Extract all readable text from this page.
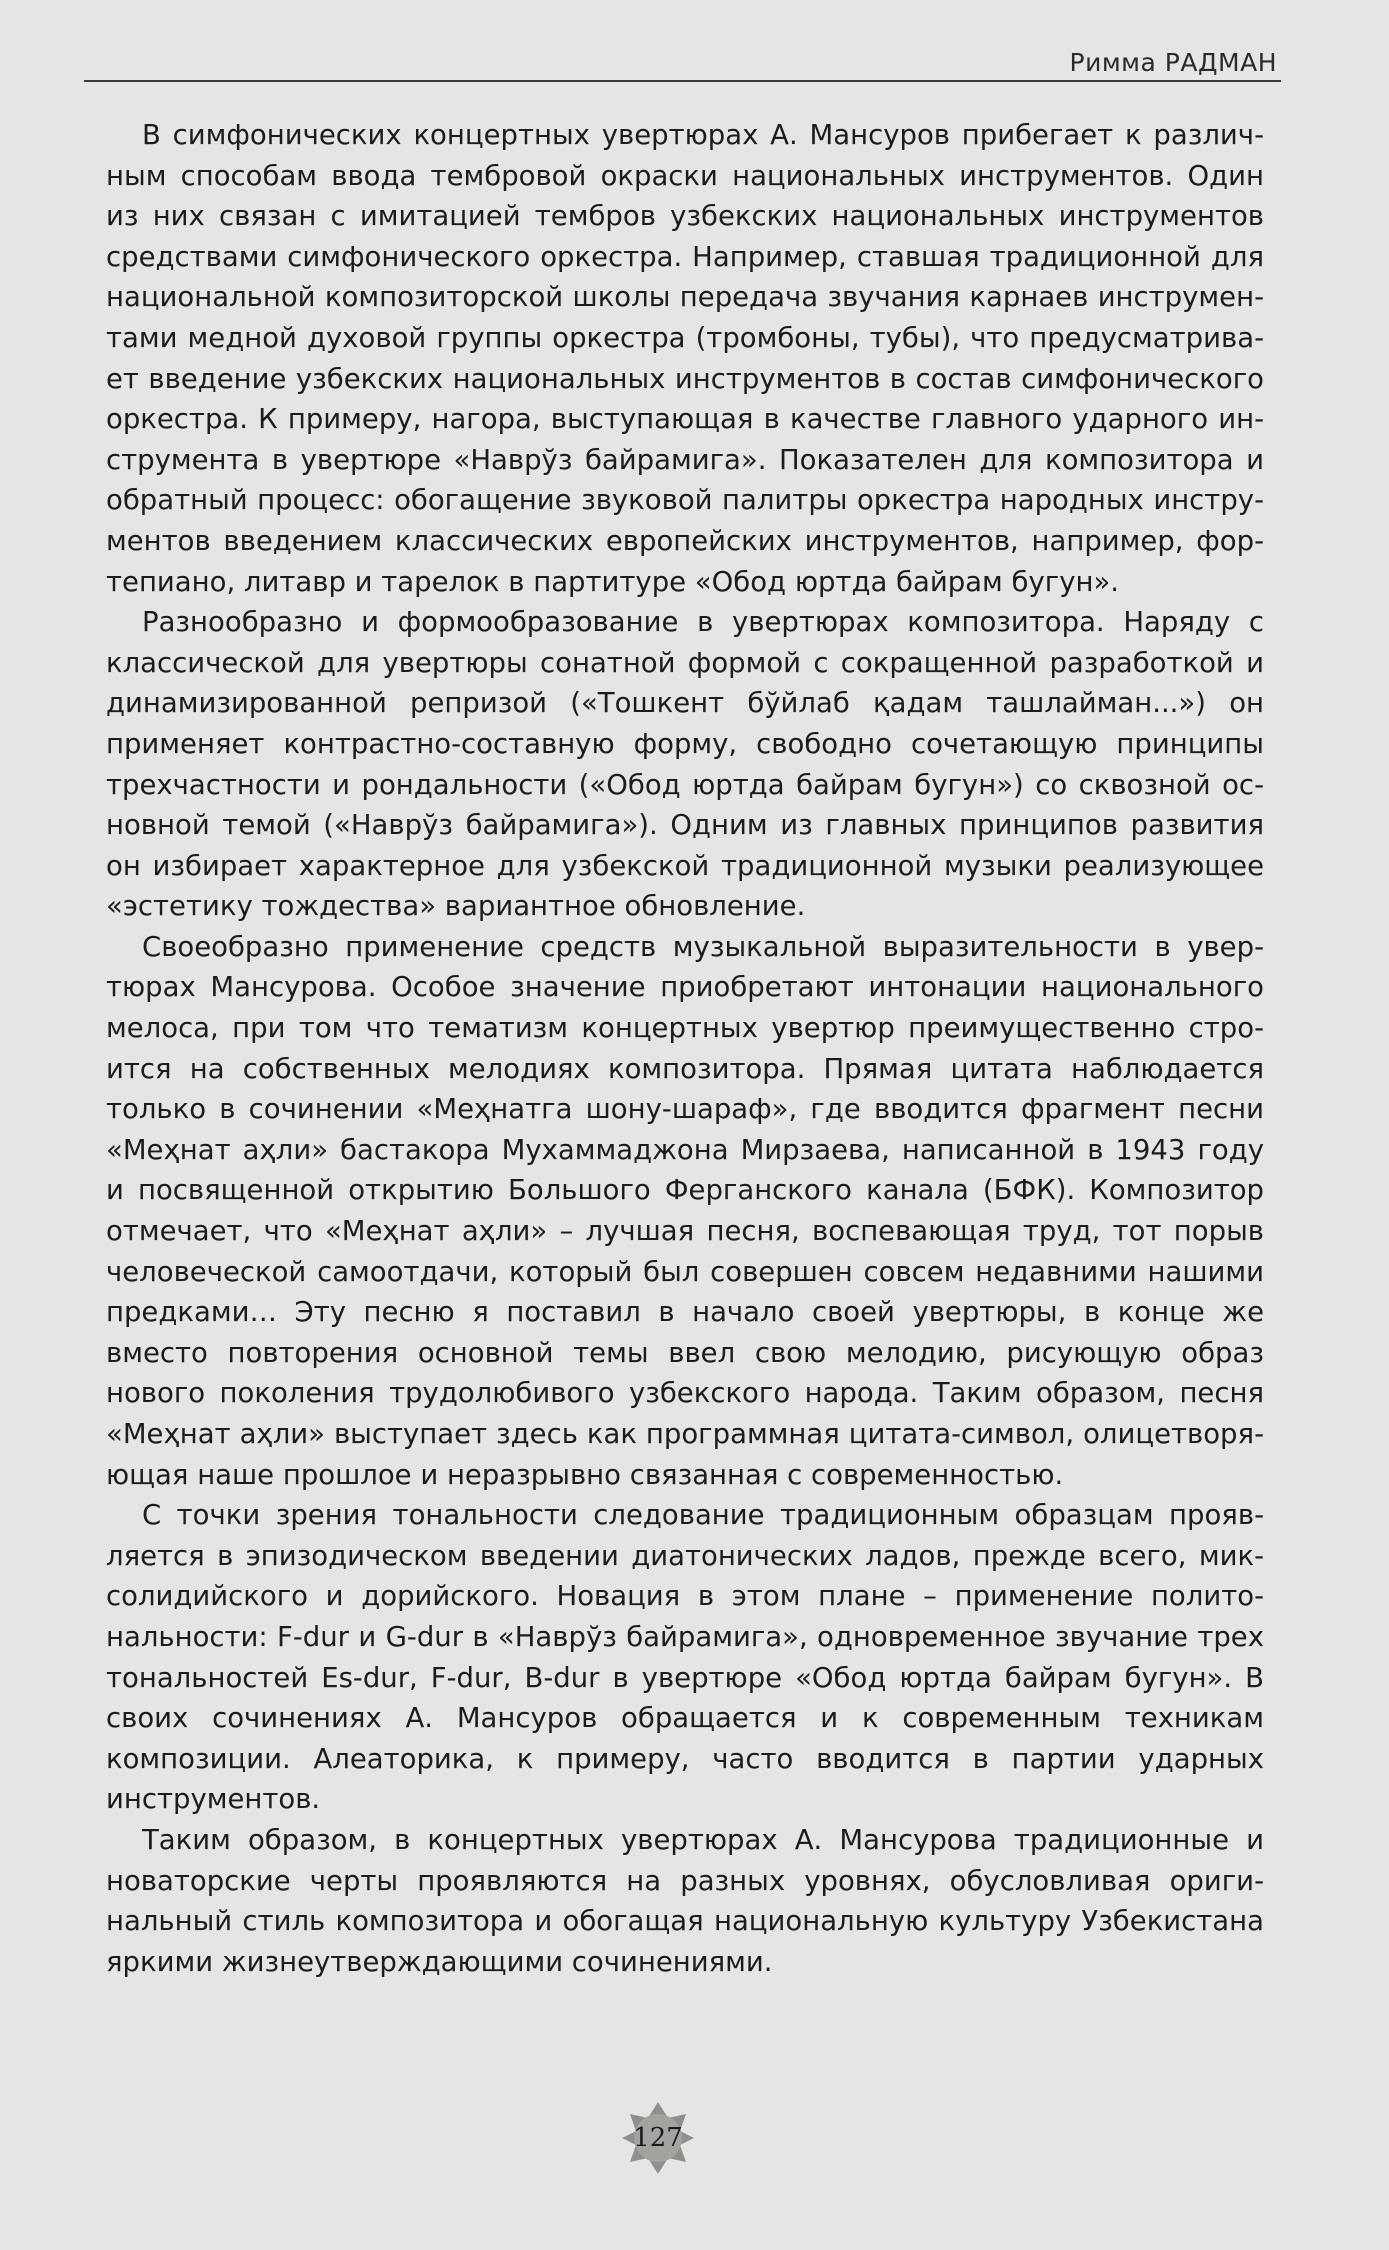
Римма РАДМАН

В симфонических концертных увертюрах А. Мансуров прибегает к различным способам ввода тембровой окраски национальных инструментов. Один из них связан с имитацией тембров узбекских национальных инструментов средствами симфонического оркестра. Например, ставшая традиционной для национальной композиторской школы передача звучания карнаев инструментами медной духовой группы оркестра (тромбоны, тубы), что предусматривает введение узбекских национальных инструментов в состав симфонического оркестра. К примеру, нагора, выступающая в качестве главного ударного инструмента в увертюре «Наврўз байрамига». Показателен для композитора и обратный процесс: обогащение звуковой палитры оркестра народных инструментов введением классических европейских инструментов, например, фортепиано, литавр и тарелок в партитуре «Обод юртда байрам бугун».

Разнообразно и формообразование в увертюрах композитора. Наряду с классической для увертюры сонатной формой с сокращенной разработкой и динамизированной репризой («Тошкент бўйлаб қадам ташлайман...») он применяет контрастно-составную форму, свободно сочетающую принципы трехчастности и рондальности («Обод юртда байрам бугун») со сквозной основной темой («Наврўз байрамига»). Одним из главных принципов развития он избирает характерное для узбекской традиционной музыки реализующее «эстетику тождества» вариантное обновление.

Своеобразно применение средств музыкальной выразительности в увертюрах Мансурова. Особое значение приобретают интонации национального мелоса, при том что тематизм концертных увертюр преимущественно строится на собственных мелодиях композитора. Прямая цитата наблюдается только в сочинении «Меҳнатга шону-шараф», где вводится фрагмент песни «Меҳнат аҳли» бастакора Мухаммаджона Мирзаева, написанной в 1943 году и посвященной открытию Большого Ферганского канала (БФК). Композитор отмечает, что «Меҳнат аҳли» – лучшая песня, воспевающая труд, тот порыв человеческой самоотдачи, который был совершен совсем недавними нашими предками… Эту песню я поставил в начало своей увертюры, в конце же вместо повторения основной темы ввел свою мелодию, рисующую образ нового поколения трудолюбивого узбекского народа. Таким образом, песня «Меҳнат аҳли» выступает здесь как программная цитата-символ, олицетворяющая наше прошлое и неразрывно связанная с современностью.

С точки зрения тональности следование традиционным образцам проявляется в эпизодическом введении диатонических ладов, прежде всего, миксолидийского и дорийского. Новация в этом плане – применение политональности: F-dur и G-dur в «Наврўз байрамига», одновременное звучание трех тональностей Es-dur, F-dur, B-dur в увертюре «Обод юртда байрам бугун». В своих сочинениях А. Мансуров обращается и к современным техникам композиции. Алеаторика, к примеру, часто вводится в партии ударных инструментов.

Таким образом, в концертных увертюрах А. Мансурова традиционные и новаторские черты проявляются на разных уровнях, обусловливая оригинальный стиль композитора и обогащая национальную культуру Узбекистана яркими жизнеутверждающими сочинениями.

127
